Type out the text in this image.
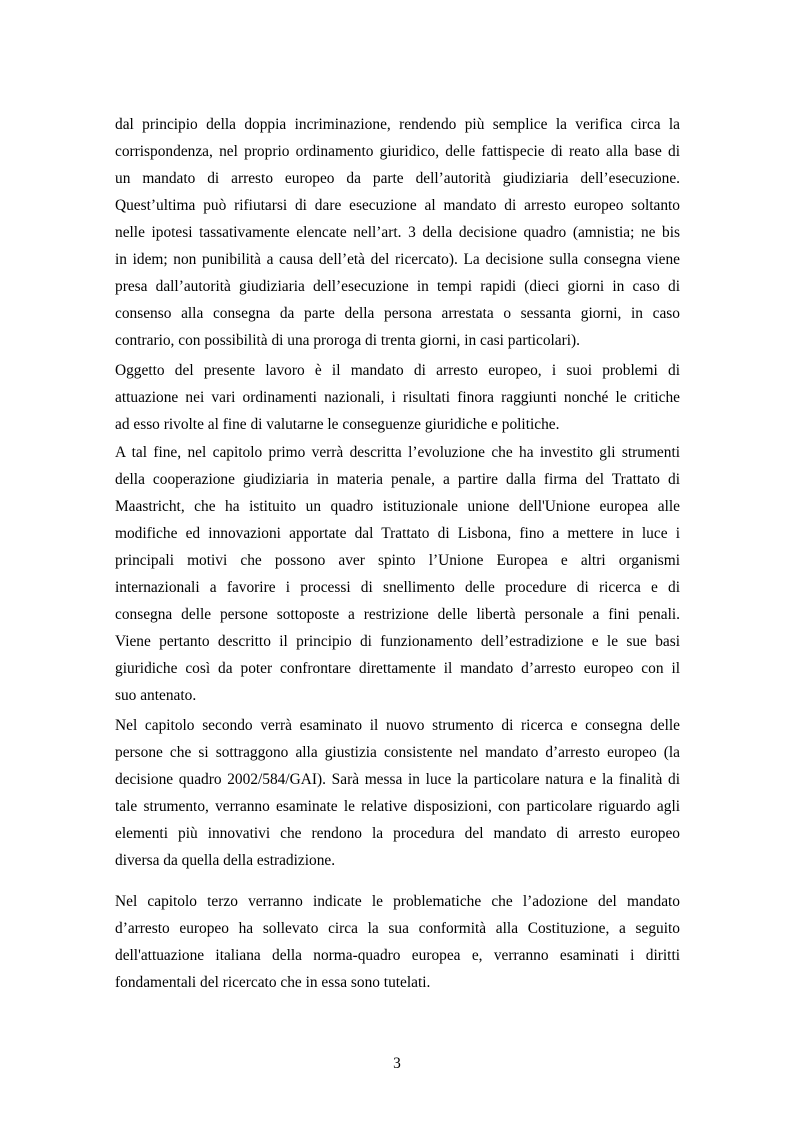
dal principio della doppia incriminazione, rendendo più semplice la verifica circa la
corrispondenza, nel proprio ordinamento giuridico, delle fattispecie di reato alla base di
un mandato di arresto europeo da parte dell’autorità giudiziaria dell’esecuzione.
Quest’ultima può rifiutarsi di dare esecuzione al mandato di arresto europeo soltanto
nelle ipotesi tassativamente elencate nell’art. 3 della decisione quadro (amnistia; ne bis
in idem; non punibilità a causa dell’età del ricercato). La decisione sulla consegna viene
presa dall’autorità giudiziaria dell’esecuzione in tempi rapidi (dieci giorni in caso di
consenso alla consegna da parte della persona arrestata o sessanta giorni, in caso
contrario, con possibilità di una proroga di trenta giorni, in casi particolari).
Oggetto del presente lavoro è il mandato di arresto europeo, i suoi problemi di
attuazione nei vari ordinamenti nazionali, i risultati finora raggiunti nonché le critiche
ad esso rivolte al fine di valutarne le conseguenze giuridiche e politiche.
A tal fine, nel capitolo primo verrà descritta l’evoluzione che ha investito gli strumenti
della cooperazione giudiziaria in materia penale, a partire dalla firma del Trattato di
Maastricht, che ha istituito un quadro istituzionale unione dell'Unione europea alle
modifiche ed innovazioni apportate dal Trattato di Lisbona, fino a mettere in luce i
principali motivi che possono aver spinto l’Unione Europea e altri organismi
internazionali a favorire i processi di snellimento delle procedure di ricerca e di
consegna delle persone sottoposte a restrizione delle libertà personale a fini penali.
Viene pertanto descritto il principio di funzionamento dell’estradizione e le sue basi
giuridiche così da poter confrontare direttamente il mandato d’arresto europeo con il
suo antenato.
Nel capitolo secondo verrà esaminato il nuovo strumento di ricerca e consegna delle
persone che si sottraggono alla giustizia consistente nel mandato d’arresto europeo (la
decisione quadro 2002/584/GAI). Sarà messa in luce la particolare natura e la finalità di
tale strumento, verranno esaminate le relative disposizioni, con particolare riguardo agli
elementi più innovativi che rendono la procedura del mandato di arresto europeo
diversa da quella della estradizione.
Nel capitolo terzo verranno indicate le problematiche che l’adozione del mandato
d’arresto europeo ha sollevato circa la sua conformità alla Costituzione, a seguito
dell'attuazione italiana della norma-quadro europea e, verranno esaminati i diritti
fondamentali del ricercato che in essa sono tutelati.
3
